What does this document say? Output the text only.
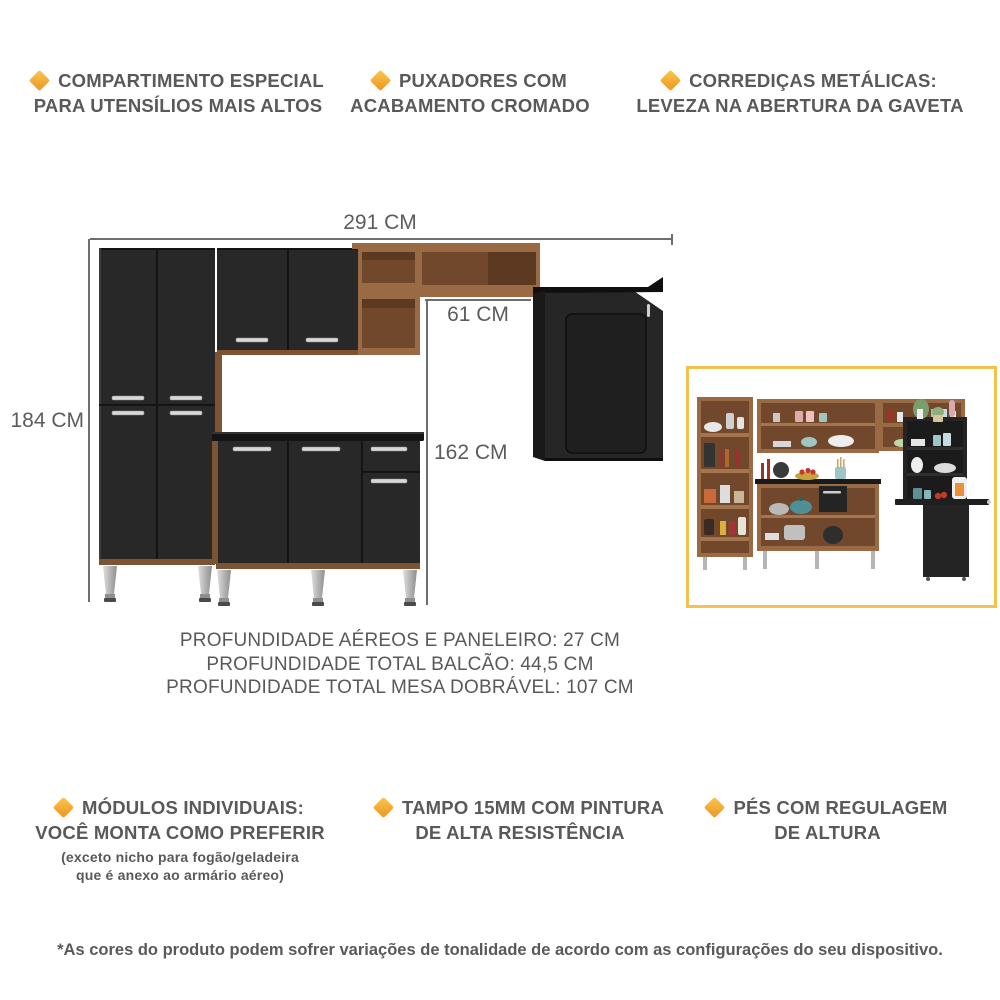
COMPARTIMENTO ESPECIAL
PARA UTENSÍLIOS MAIS ALTOS
PUXADORES COM
ACABAMENTO CROMADO
CORREDIÇAS METÁLICAS:
LEVEZA NA ABERTURA DA GAVETA
291 CM
184 CM
61 CM
162 CM
PROFUNDIDADE AÉREOS E PANELEIRO: 27 CM
PROFUNDIDADE TOTAL BALCÃO: 44,5 CM
PROFUNDIDADE TOTAL MESA DOBRÁVEL: 107 CM
MÓDULOS INDIVIDUAIS:
VOCÊ MONTA COMO PREFERIR
(exceto nicho para fogão/geladeira
que é anexo ao armário aéreo)
TAMPO 15MM COM PINTURA
DE ALTA RESISTÊNCIA
PÉS COM REGULAGEM
DE ALTURA
*As cores do produto podem sofrer variações de tonalidade de acordo com as configurações do seu dispositivo.
